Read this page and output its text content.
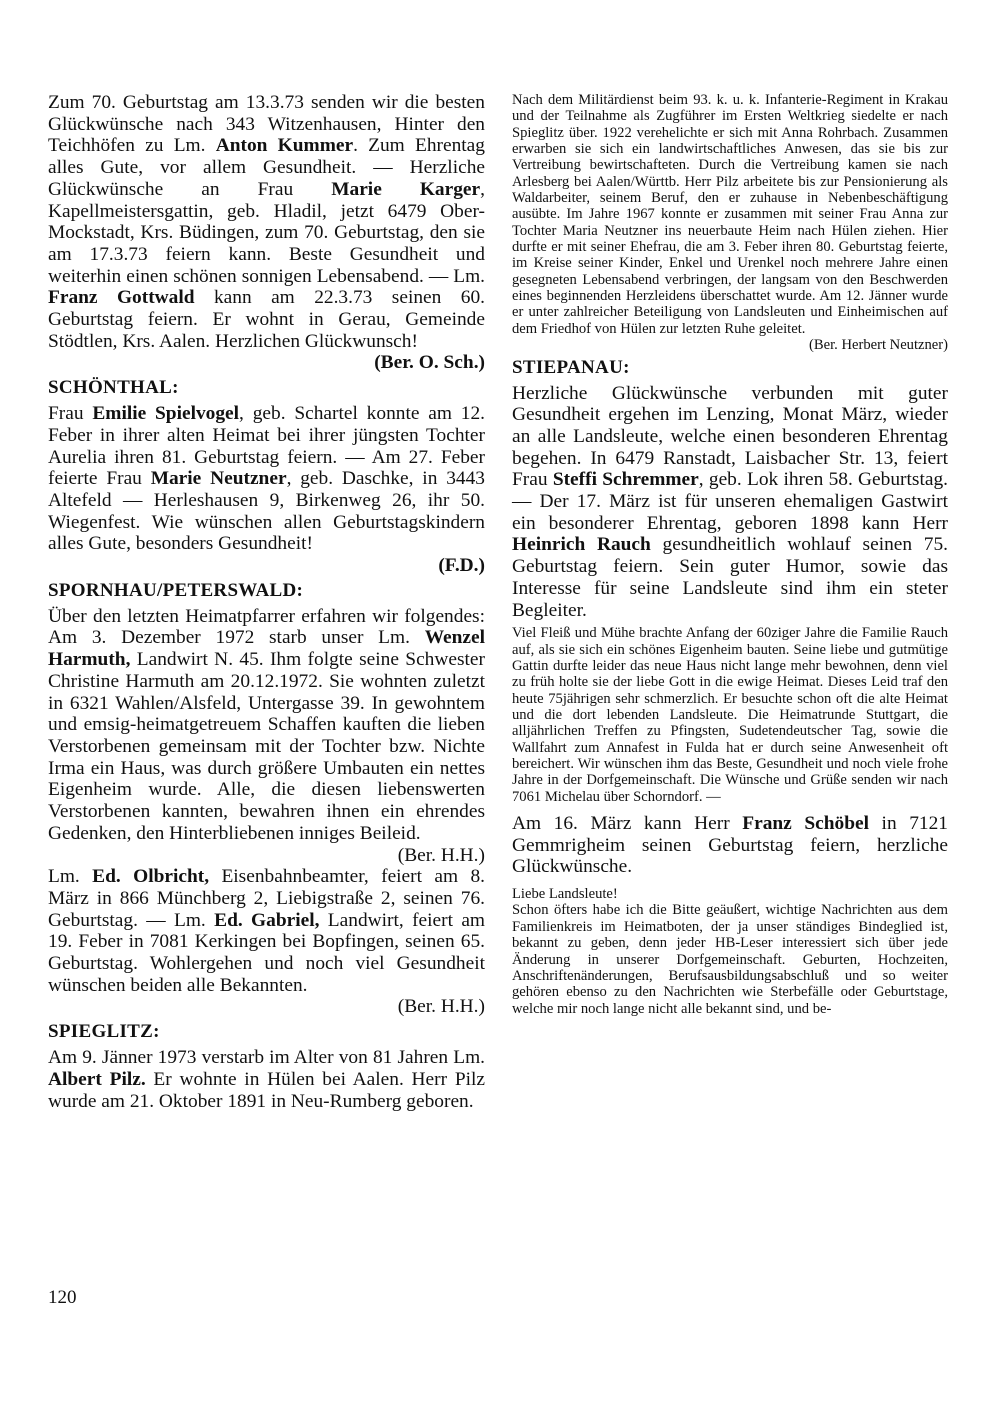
Zum 70. Geburtstag am 13.3.73 senden wir die besten Glückwünsche nach 343 Witzenhausen, Hinter den Teichhöfen zu Lm. Anton Kummer. Zum Ehrentag alles Gute, vor allem Gesundheit. — Herzliche Glückwünsche an Frau Marie Karger, Kapellmeistersgattin, geb. Hladil, jetzt 6479 Ober-Mockstadt, Krs. Büdingen, zum 70. Geburtstag, den sie am 17.3.73 feiern kann. Beste Gesundheit und weiterhin einen schönen sonnigen Lebensabend. — Lm. Franz Gottwald kann am 22.3.73 seinen 60. Geburtstag feiern. Er wohnt in Gerau, Gemeinde Stödtlen, Krs. Aalen. Herzlichen Glückwunsch!
(Ber. O. Sch.)

SCHÖNTHAL:

Frau Emilie Spielvogel, geb. Schartel konnte am 12. Feber in ihrer alten Heimat bei ihrer jüngsten Tochter Aurelia ihren 81. Geburtstag feiern. — Am 27. Feber feierte Frau Marie Neutzner, geb. Daschke, in 3443 Altefeld — Herleshausen 9, Birkenweg 26, ihr 50. Wiegenfest. Wie wünschen allen Geburtstagskindern alles Gute, besonders Gesundheit!
(F.D.)

SPORNHAU/PETERSWALD:

Über den letzten Heimatpfarrer erfahren wir folgendes: Am 3. Dezember 1972 starb unser Lm. Wenzel Harmuth, Landwirt N. 45. Ihm folgte seine Schwester Christine Harmuth am 20.12.1972. Sie wohnten zuletzt in 6321 Wahlen/Alsfeld, Untergasse 39. In gewohntem und emsig-heimatgetreuem Schaffen kauften die lieben Verstorbenen gemeinsam mit der Tochter bzw. Nichte Irma ein Haus, was durch größere Umbauten ein nettes Eigenheim wurde. Alle, die diesen liebenswerten Verstorbenen kannten, bewahren ihnen ein ehrendes Gedenken, den Hinterbliebenen inniges Beileid.
(Ber. H.H.)

Lm. Ed. Olbricht, Eisenbahnbeamter, feiert am 8. März in 866 Münchberg 2, Liebigstraße 2, seinen 76. Geburtstag. — Lm. Ed. Gabriel, Landwirt, feiert am 19. Feber in 7081 Kerkingen bei Bopfingen, seinen 65. Geburtstag. Wohlergehen und noch viel Gesundheit wünschen beiden alle Bekannten.
(Ber. H.H.)

SPIEGLITZ:

Am 9. Jänner 1973 verstarb im Alter von 81 Jahren Lm. Albert Pilz. Er wohnte in Hülen bei Aalen. Herr Pilz wurde am 21. Oktober 1891 in Neu-Rumberg geboren.

Nach dem Militärdienst beim 93. k. u. k. Infanterie-Regiment in Krakau und der Teilnahme als Zugführer im Ersten Weltkrieg siedelte er nach Spieglitz über. 1922 verehelichte er sich mit Anna Rohrbach. Zusammen erwarben sie sich ein landwirtschaftliches Anwesen, das sie bis zur Vertreibung bewirtschafteten. Durch die Vertreibung kamen sie nach Arlesberg bei Aalen/Württb. Herr Pilz arbeitete bis zur Pensionierung als Waldarbeiter, seinem Beruf, den er zuhause in Nebenbeschäftigung ausübte. Im Jahre 1967 konnte er zusammen mit seiner Frau Anna zur Tochter Maria Neutzner ins neuerbaute Heim nach Hülen ziehen. Hier durfte er mit seiner Ehefrau, die am 3. Feber ihren 80. Geburtstag feierte, im Kreise seiner Kinder, Enkel und Urenkel noch mehrere Jahre einen gesegneten Lebensabend verbringen, der langsam von den Beschwerden eines beginnenden Herzleidens überschattet wurde. Am 12. Jänner wurde er unter zahlreicher Beteiligung von Landsleuten und Einheimischen auf dem Friedhof von Hülen zur letzten Ruhe geleitet.

(Ber. Herbert Neutzner)

STIEPANAU:

Herzliche Glückwünsche verbunden mit guter Gesundheit ergehen im Lenzing, Monat März, wieder an alle Landsleute, welche einen besonderen Ehrentag begehen. In 6479 Ranstadt, Laisbacher Str. 13, feiert Frau Steffi Schremmer, geb. Lok ihren 58. Geburtstag. — Der 17. März ist für unseren ehemaligen Gastwirt ein besonderer Ehrentag, geboren 1898 kann Herr Heinrich Rauch gesundheitlich wohlauf seinen 75. Geburtstag feiern. Sein guter Humor, sowie das Interesse für seine Landsleute sind ihm ein steter Begleiter.

Viel Fleiß und Mühe brachte Anfang der 60ziger Jahre die Familie Rauch auf, als sie sich ein schönes Eigenheim bauten. Seine liebe und gutmütige Gattin durfte leider das neue Haus nicht lange mehr bewohnen, denn viel zu früh holte sie der liebe Gott in die ewige Heimat. Dieses Leid traf den heute 75jährigen sehr schmerzlich. Er besuchte schon oft die alte Heimat und die dort lebenden Landsleute. Die Heimatrunde Stuttgart, die alljährlichen Treffen zu Pfingsten, Sudetendeutscher Tag, sowie die Wallfahrt zum Annafest in Fulda hat er durch seine Anwesenheit oft bereichert. Wir wünschen ihm das Beste, Gesundheit und noch viele frohe Jahre in der Dorfgemeinschaft. Die Wünsche und Grüße senden wir nach 7061 Michelau über Schorndorf. —

Am 16. März kann Herr Franz Schöbel in 7121 Gemmrigheim seinen Geburtstag feiern, herzliche Glückwünsche.

Liebe Landsleute!

Schon öfters habe ich die Bitte geäußert, wichtige Nachrichten aus dem Familienkreis im Heimatboten, der ja unser ständiges Bindeglied ist, bekannt zu geben, denn jeder HB-Leser interessiert sich über jede Änderung in unserer Dorfgemeinschaft. Geburten, Hochzeiten, Anschriftenänderungen, Berufsausbildungsabschluß und so weiter gehören ebenso zu den Nachrichten wie Sterbefälle oder Geburtstage, welche mir noch lange nicht alle bekannt sind, und be-

120
